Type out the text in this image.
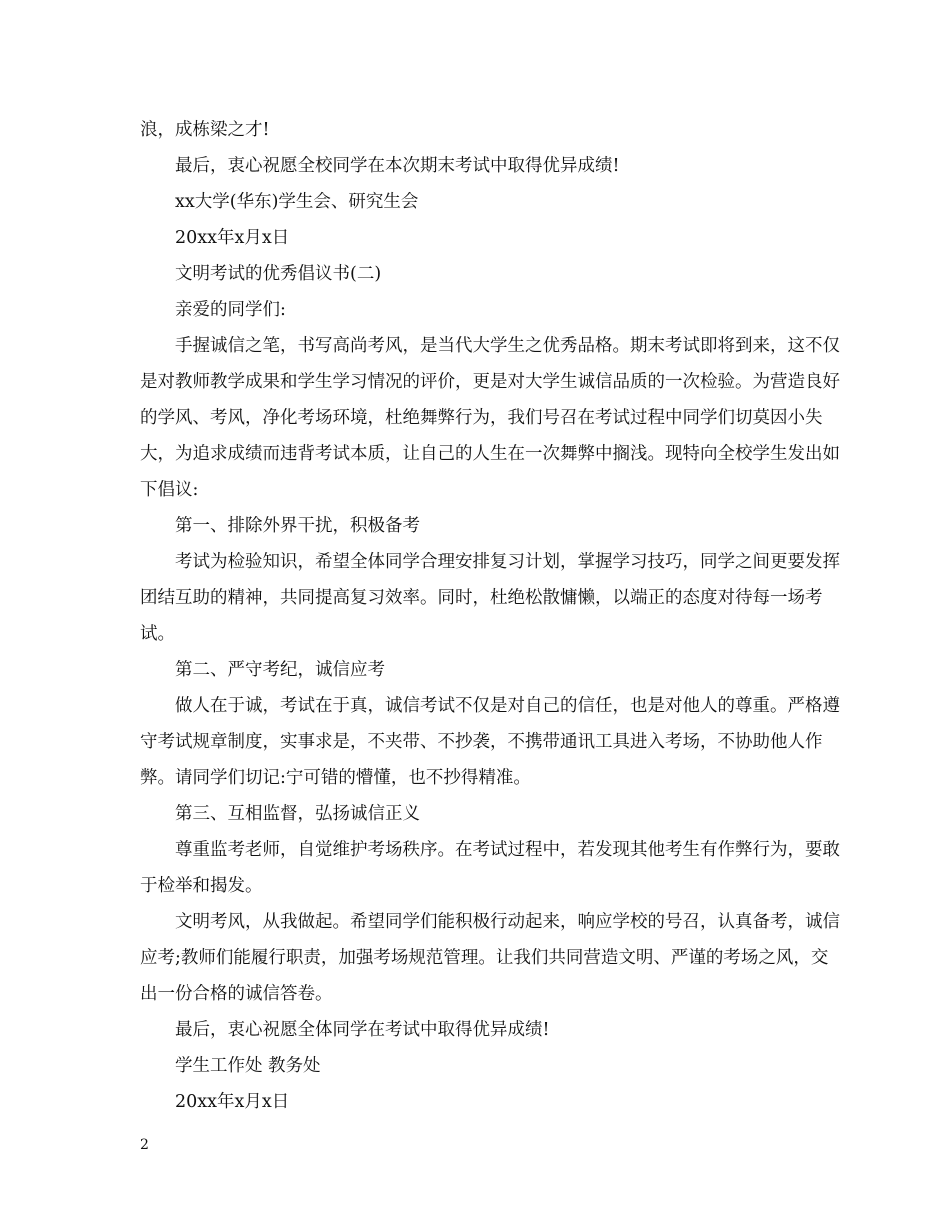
浪，成栋梁之才!
最后，衷心祝愿全校同学在本次期末考试中取得优异成绩!
xx大学(华东)学生会、研究生会
20xx年x月x日
文明考试的优秀倡议书(二)
亲爱的同学们:

手握诚信之笔，书写高尚考风，是当代大学生之优秀品格。期末考试即将到来，这不仅是对教师教学成果和学生学习情况的评价，更是对大学生诚信品质的一次检验。为营造良好的学风、考风，净化考场环境，杜绝舞弊行为，我们号召在考试过程中同学们切莫因小失大，为追求成绩而违背考试本质，让自己的人生在一次舞弊中搁浅。现特向全校学生发出如下倡议:

第一、排除外界干扰，积极备考

考试为检验知识，希望全体同学合理安排复习计划，掌握学习技巧，同学之间更要发挥团结互助的精神，共同提高复习效率。同时，杜绝松散慵懒，以端正的态度对待每一场考试。

第二、严守考纪，诚信应考

做人在于诚，考试在于真，诚信考试不仅是对自己的信任，也是对他人的尊重。严格遵守考试规章制度，实事求是，不夹带、不抄袭，不携带通讯工具进入考场，不协助他人作弊。请同学们切记:宁可错的懵懂，也不抄得精准。

第三、互相监督，弘扬诚信正义

尊重监考老师，自觉维护考场秩序。在考试过程中，若发现其他考生有作弊行为，要敢于检举和揭发。

文明考风，从我做起。希望同学们能积极行动起来，响应学校的号召，认真备考，诚信应考;教师们能履行职责，加强考场规范管理。让我们共同营造文明、严谨的考场之风，交出一份合格的诚信答卷。

最后，衷心祝愿全体同学在考试中取得优异成绩!
学生工作处 教务处
20xx年x月x日
2
